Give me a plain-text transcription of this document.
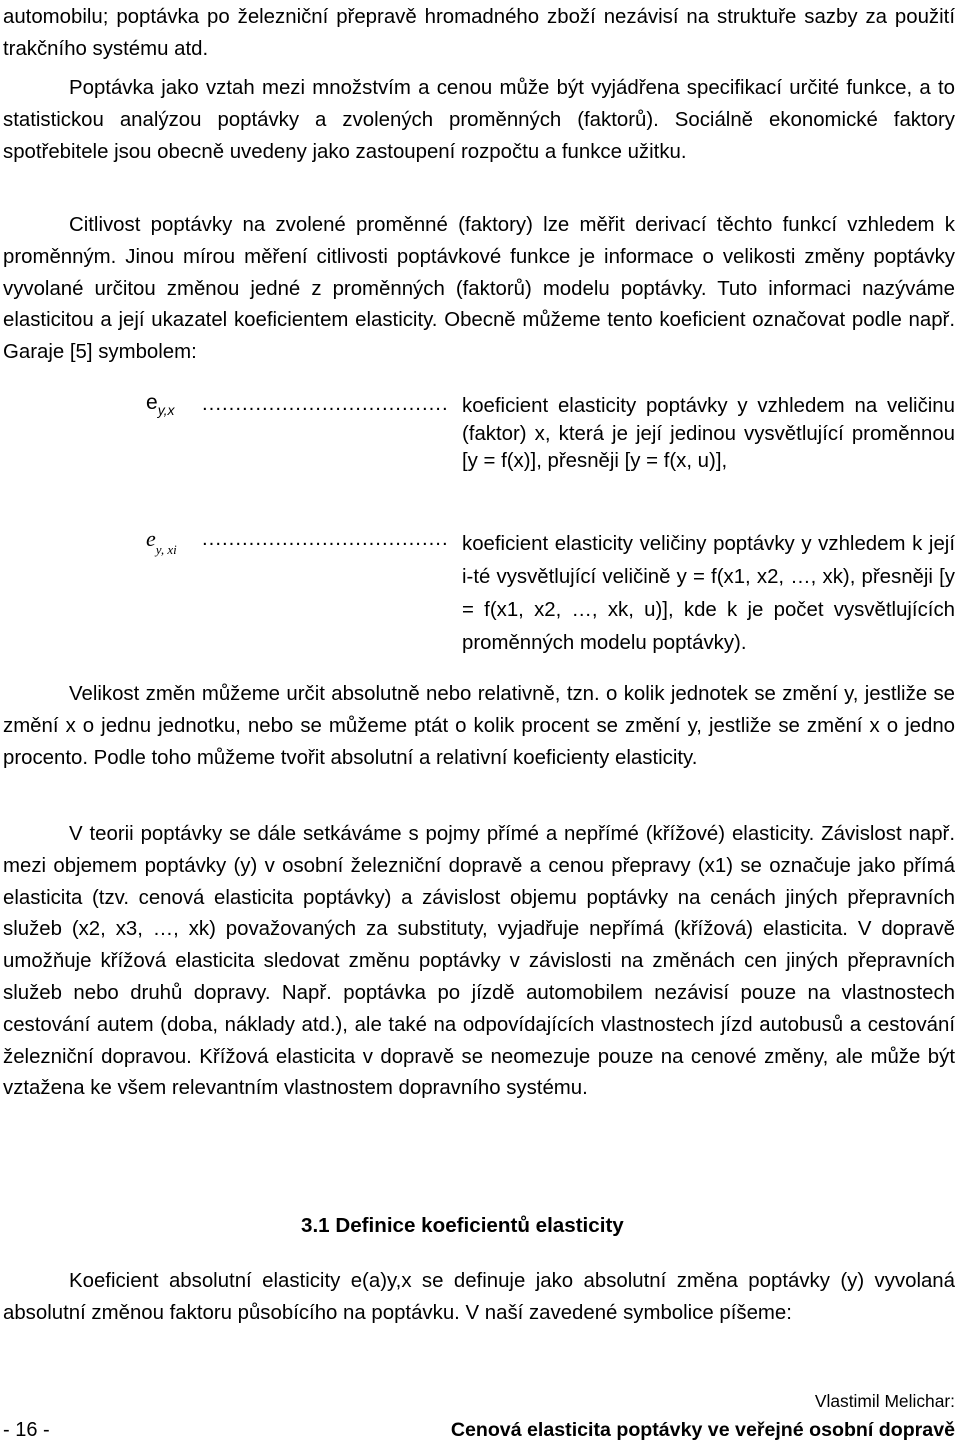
automobilu; poptávka po železniční přepravě hromadného zboží nezávisí na struktuře sazby za použití trakčního systému atd.

Poptávka jako vztah mezi množstvím a cenou může být vyjádřena specifikací určité funkce, a to statistickou analýzou poptávky a zvolených proměnných (faktorů). Sociálně ekonomické faktory spotřebitele jsou obecně uvedeny jako zastoupení rozpočtu a funkce užitku.

Citlivost poptávky na zvolené proměnné (faktory) lze měřit derivací těchto funkcí vzhledem k proměnným. Jinou mírou měření citlivosti poptávkové funkce je informace o velikosti změny poptávky vyvolané určitou změnou jedné z proměnných (faktorů) modelu poptávky. Tuto informaci nazýváme elasticitou a její ukazatel koeficientem elasticity. Obecně můžeme tento koeficient označovat podle např. Garaje [5] symbolem:

$e_{y,x}$ ..................................... koeficient elasticity poptávky y vzhledem na veličinu (faktor) x, která je její jedinou vysvětlující proměnnou [y = f(x)], přesněji [y = f(x, u)],
$e_{y, xi}$ ..................................... koeficient elasticity veličiny poptávky y vzhledem k její i-té vysvětlující veličině y = f(x1, x2, …, xk), přesněji [y = f(x1, x2, …, xk, u)], kde k je počet vysvětlujících proměnných modelu poptávky).

Velikost změn můžeme určit absolutně nebo relativně, tzn. o kolik jednotek se změní y, jestliže se změní x o jednu jednotku, nebo se můžeme ptát o kolik procent se změní y, jestliže se změní x o jedno procento. Podle toho můžeme tvořit absolutní a relativní koeficienty elasticity.

V teorii poptávky se dále setkáváme s pojmy přímé a nepřímé (křížové) elasticity. Závislost např. mezi objemem poptávky (y) v osobní železniční dopravě a cenou přepravy (x1) se označuje jako přímá elasticita (tzv. cenová elasticita poptávky) a závislost objemu poptávky na cenách jiných přepravních služeb (x2, x3, …, xk) považovaných za substituty, vyjadřuje nepřímá (křížová) elasticita. V dopravě umožňuje křížová elasticita sledovat změnu poptávky v závislosti na změnách cen jiných přepravních služeb nebo druhů dopravy. Např. poptávka po jízdě automobilem nezávisí pouze na vlastnostech cestování autem (doba, náklady atd.), ale také na odpovídajících vlastnostech jízd autobusů a cestování železniční dopravou. Křížová elasticita v dopravě se neomezuje pouze na cenové změny, ale může být vztažena ke všem relevantním vlastnostem dopravního systému.

3.1 Definice koeficientů elasticity

Koeficient absolutní elasticity e(a)y,x se definuje jako absolutní změna poptávky (y) vyvolaná absolutní změnou faktoru působícího na poptávku. V naší zavedené symbolice píšeme:

Vlastimil Melichar:
- 16 -	Cenová elasticita poptávky ve veřejné osobní dopravě
